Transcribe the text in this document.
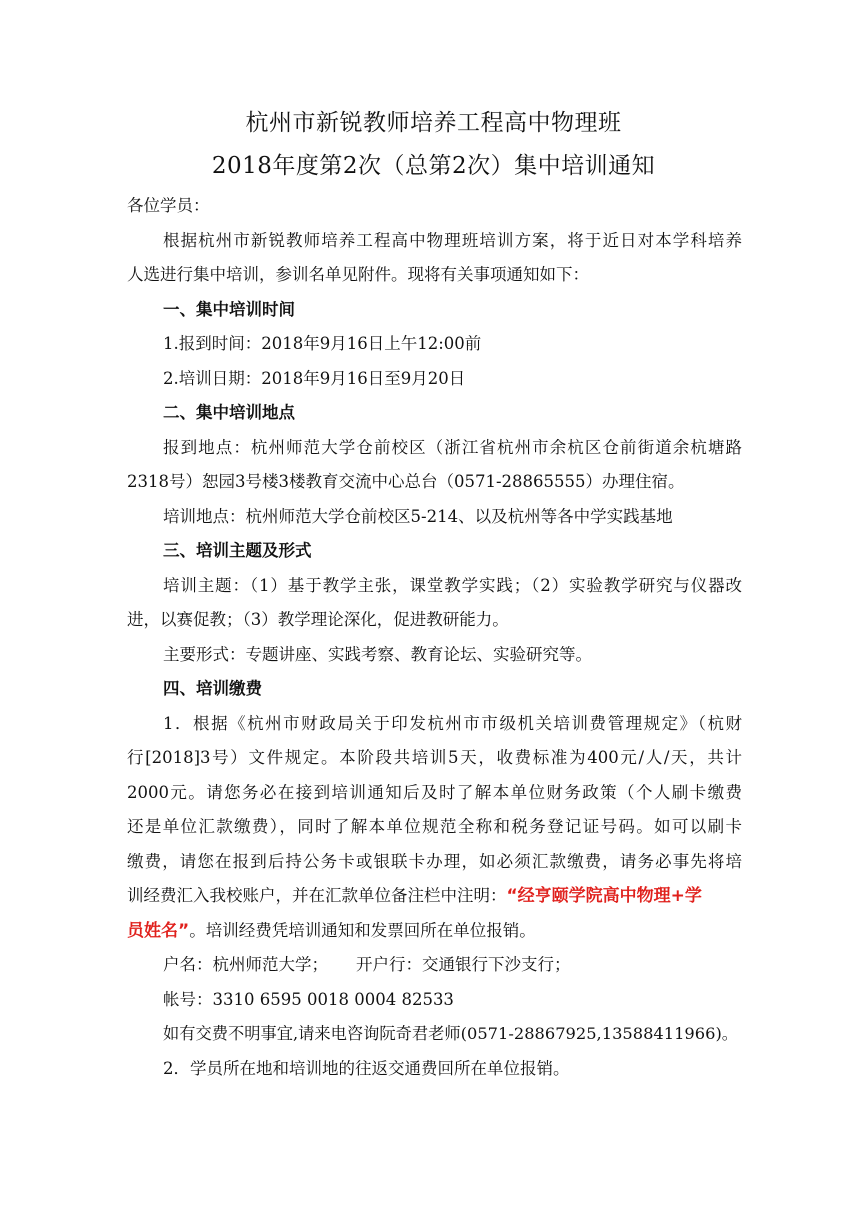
杭州市新锐教师培养工程高中物理班
2018年度第2次（总第2次）集中培训通知
各位学员：
根据杭州市新锐教师培养工程高中物理班培训方案，将于近日对本学科培养
人选进行集中培训，参训名单见附件。现将有关事项通知如下：
一、集中培训时间
1.报到时间：2018年9月16日上午12:00前
2.培训日期：2018年9月16日至9月20日
二、集中培训地点
报到地点：杭州师范大学仓前校区（浙江省杭州市余杭区仓前街道余杭塘路
2318号）恕园3号楼3楼教育交流中心总台（0571-28865555）办理住宿。
培训地点：杭州师范大学仓前校区5-214、以及杭州等各中学实践基地
三、培训主题及形式
培训主题：（1）基于教学主张，课堂教学实践；（2）实验教学研究与仪器改
进，以赛促教；（3）教学理论深化，促进教研能力。
主要形式：专题讲座、实践考察、教育论坛、实验研究等。
四、培训缴费
1．根据《杭州市财政局关于印发杭州市市级机关培训费管理规定》（杭财
行[2018]3号）文件规定。本阶段共培训5天，收费标准为400元/人/天，共计
2000元。请您务必在接到培训通知后及时了解本单位财务政策（个人刷卡缴费
还是单位汇款缴费），同时了解本单位规范全称和税务登记证号码。如可以刷卡
缴费，请您在报到后持公务卡或银联卡办理，如必须汇款缴费，请务必事先将培
训经费汇入我校账户，并在汇款单位备注栏中注明：“经亨颐学院高中物理+学
员姓名”。培训经费凭培训通知和发票回所在单位报销。
户名：杭州师范大学； 开户行：交通银行下沙支行；
帐号：3310 6595 0018 0004 82533
如有交费不明事宜,请来电咨询阮奇君老师(0571-28867925,13588411966)。
2．学员所在地和培训地的往返交通费回所在单位报销。
